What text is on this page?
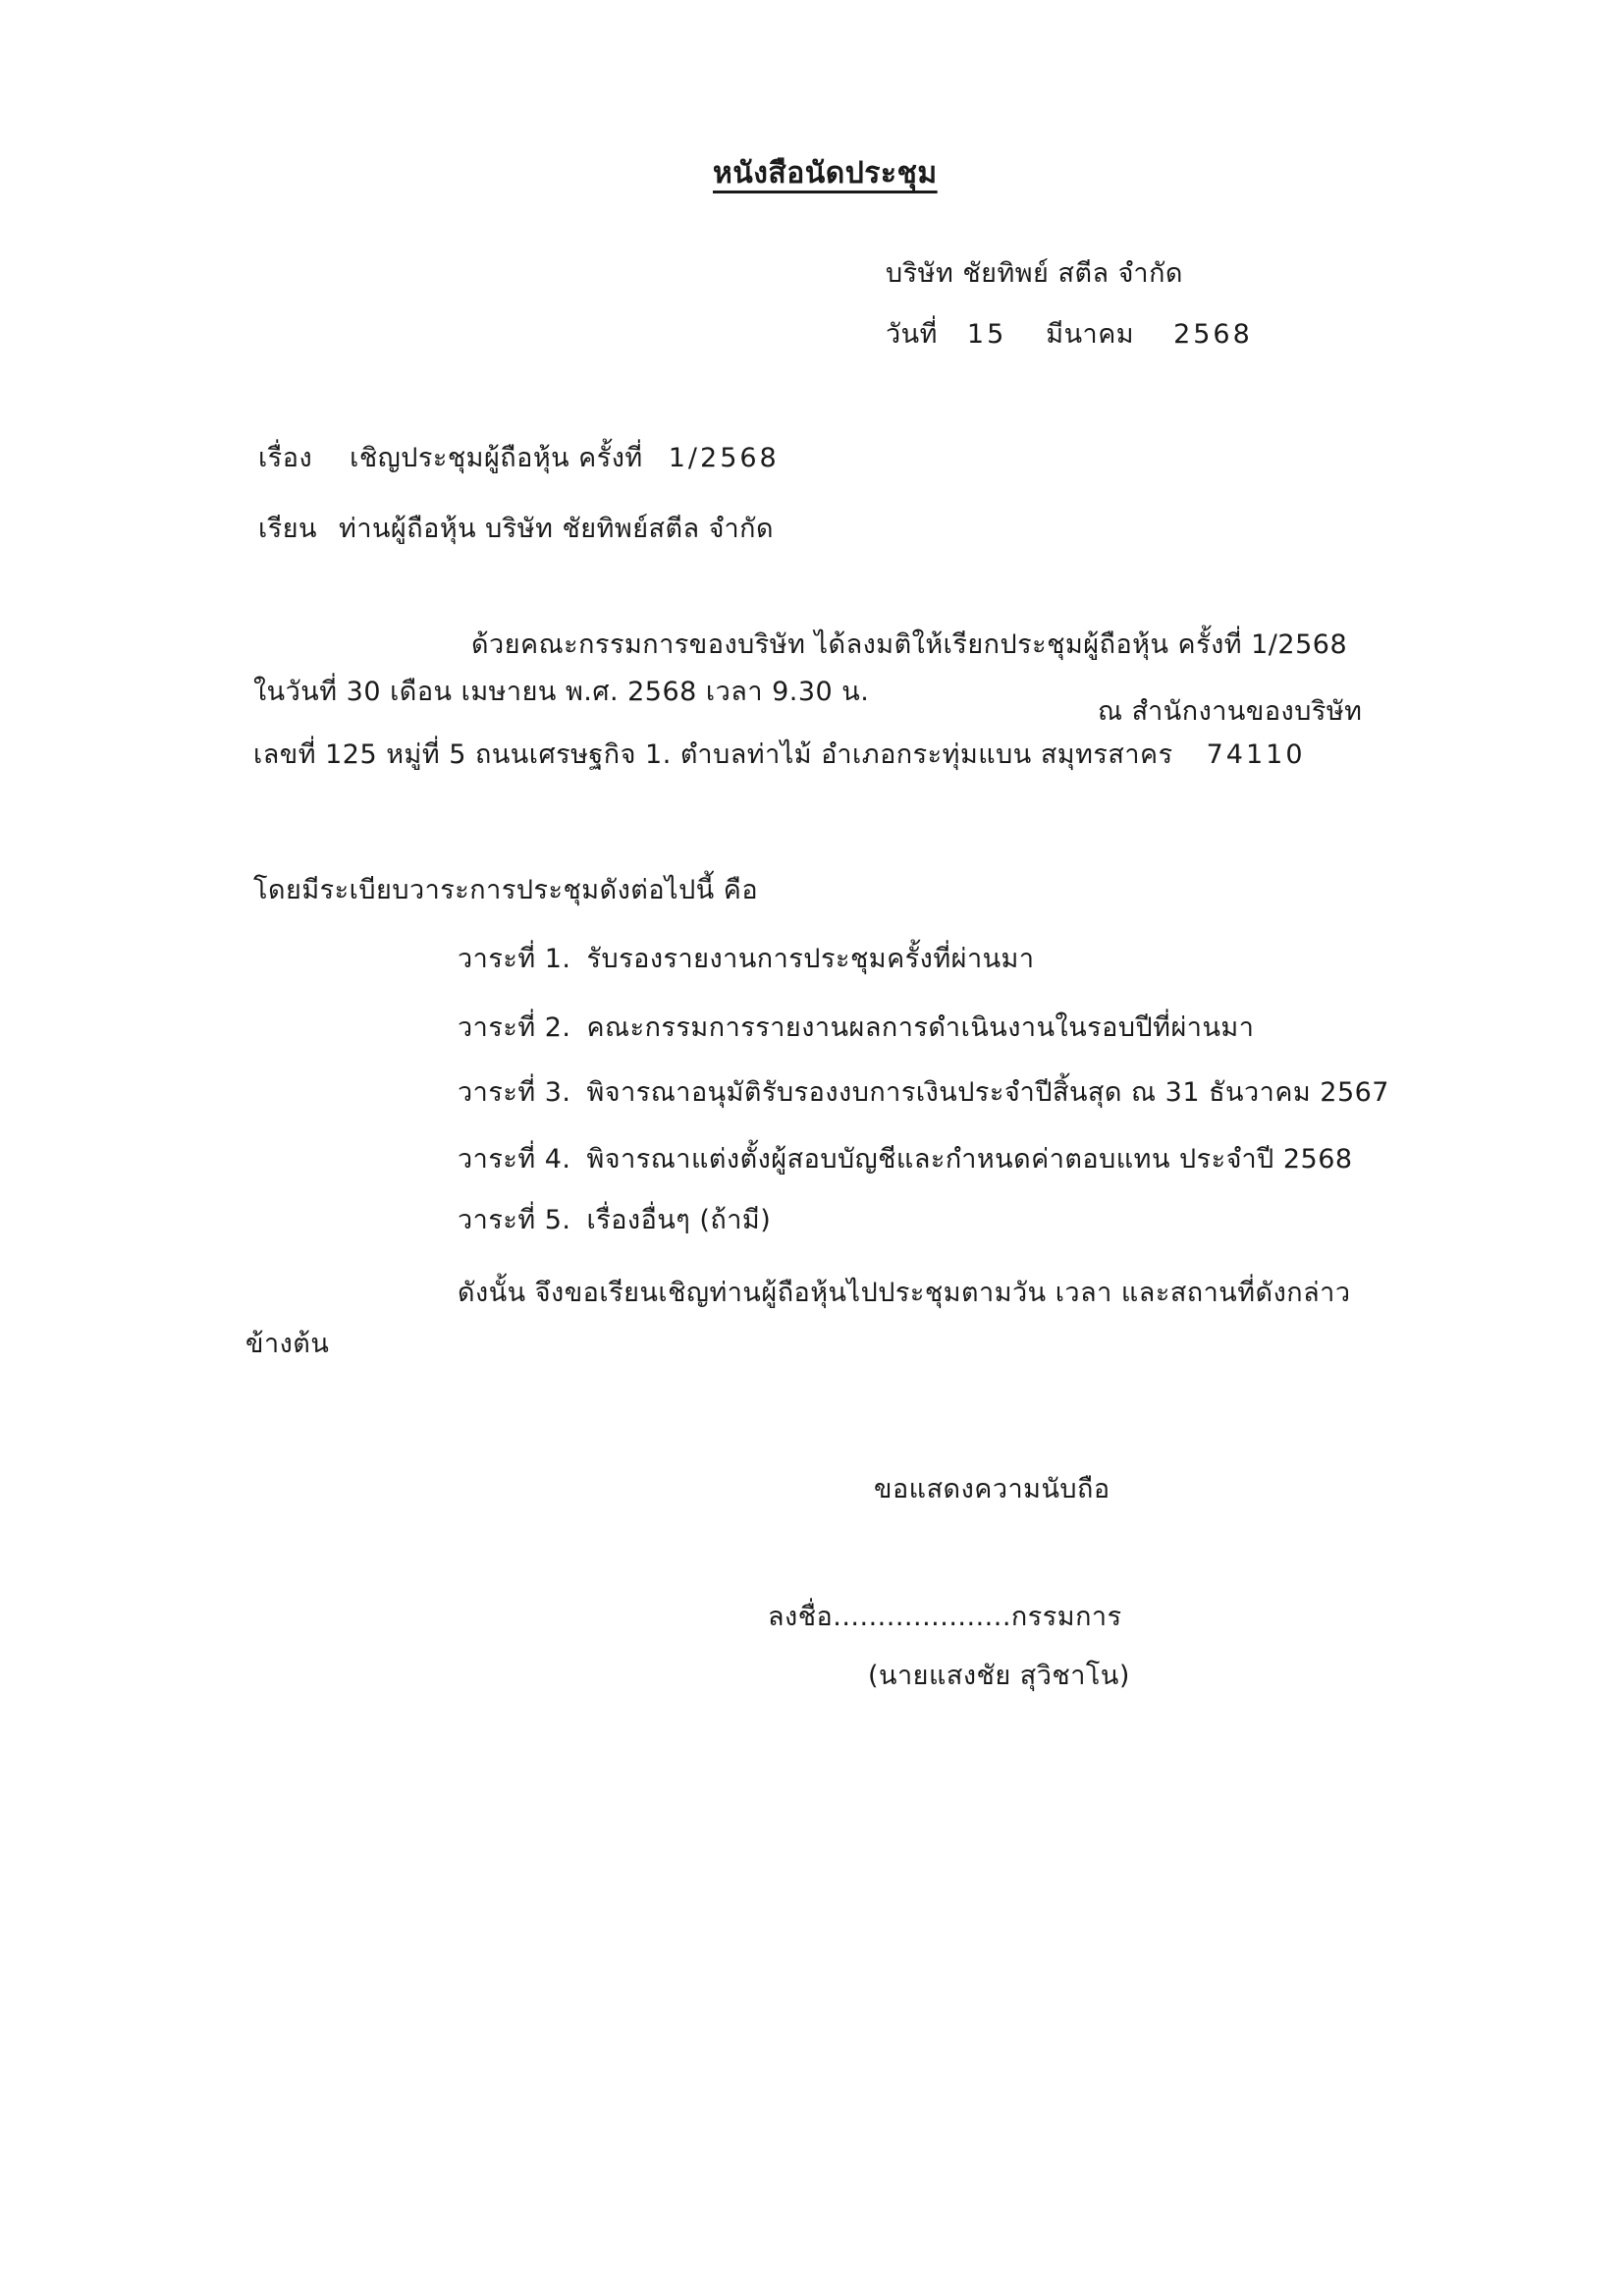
หนังสือนัดประชุม
บริษัท ชัยทิพย์ สตีล จำกัด
วันที่ 15 มีนาคม 2568
เรื่อง เชิญประชุมผู้ถือหุ้น ครั้งที่ 1/2568
เรียน ท่านผู้ถือหุ้น บริษัท ชัยทิพย์สตีล จำกัด
ด้วยคณะกรรมการของบริษัท ได้ลงมติให้เรียกประชุมผู้ถือหุ้น ครั้งที่ 1/2568
ในวันที่ 30 เดือน เมษายน พ.ศ. 2568 เวลา 9.30 น.
ณ สำนักงานของบริษัท
เลขที่ 125 หมู่ที่ 5 ถนนเศรษฐกิจ 1. ตำบลท่าไม้ อำเภอกระทุ่มแบน สมุทรสาคร 74110
โดยมีระเบียบวาระการประชุมดังต่อไปนี้ คือ
วาระที่ 1. รับรองรายงานการประชุมครั้งที่ผ่านมา
วาระที่ 2. คณะกรรมการรายงานผลการดำเนินงานในรอบปีที่ผ่านมา
วาระที่ 3. พิจารณาอนุมัติรับรองงบการเงินประจำปีสิ้นสุด ณ 31 ธันวาคม 2567
วาระที่ 4. พิจารณาแต่งตั้งผู้สอบบัญชีและกำหนดค่าตอบแทน ประจำปี 2568
วาระที่ 5. เรื่องอื่นๆ (ถ้ามี)
ดังนั้น จึงขอเรียนเชิญท่านผู้ถือหุ้นไปประชุมตามวัน เวลา และสถานที่ดังกล่าว
ข้างต้น
ขอแสดงความนับถือ
ลงชื่อ....................กรรมการ
(นายแสงชัย สุวิชาโน)
